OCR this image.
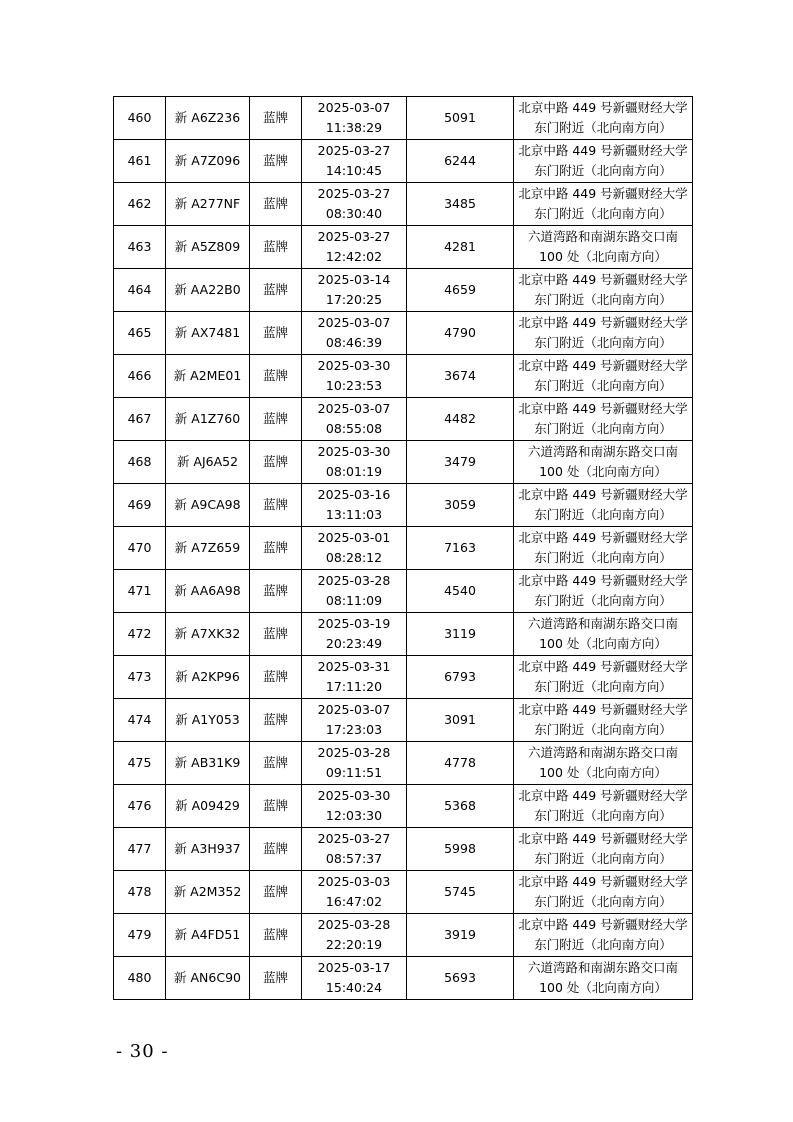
460	新 A6Z236	蓝牌	2025-03-07
11:38:29	5091	北京中路 449 号新疆财经大学
东门附近（北向南方向）

461	新 A7Z096	蓝牌	2025-03-27
14:10:45	6244	北京中路 449 号新疆财经大学
东门附近（北向南方向）

462	新 A277NF	蓝牌	2025-03-27
08:30:40	3485	北京中路 449 号新疆财经大学
东门附近（北向南方向）

463	新 A5Z809	蓝牌	2025-03-27
12:42:02	4281	六道湾路和南湖东路交口南
100 处（北向南方向）

464	新 AA22B0	蓝牌	2025-03-14
17:20:25	4659	北京中路 449 号新疆财经大学
东门附近（北向南方向）

465	新 AX7481	蓝牌	2025-03-07
08:46:39	4790	北京中路 449 号新疆财经大学
东门附近（北向南方向）

466	新 A2ME01	蓝牌	2025-03-30
10:23:53	3674	北京中路 449 号新疆财经大学
东门附近（北向南方向）

467	新 A1Z760	蓝牌	2025-03-07
08:55:08	4482	北京中路 449 号新疆财经大学
东门附近（北向南方向）

468	新 AJ6A52	蓝牌	2025-03-30
08:01:19	3479	六道湾路和南湖东路交口南
100 处（北向南方向）

469	新 A9CA98	蓝牌	2025-03-16
13:11:03	3059	北京中路 449 号新疆财经大学
东门附近（北向南方向）

470	新 A7Z659	蓝牌	2025-03-01
08:28:12	7163	北京中路 449 号新疆财经大学
东门附近（北向南方向）

471	新 AA6A98	蓝牌	2025-03-28
08:11:09	4540	北京中路 449 号新疆财经大学
东门附近（北向南方向）

472	新 A7XK32	蓝牌	2025-03-19
20:23:49	3119	六道湾路和南湖东路交口南
100 处（北向南方向）

473	新 A2KP96	蓝牌	2025-03-31
17:11:20	6793	北京中路 449 号新疆财经大学
东门附近（北向南方向）

474	新 A1Y053	蓝牌	2025-03-07
17:23:03	3091	北京中路 449 号新疆财经大学
东门附近（北向南方向）

475	新 AB31K9	蓝牌	2025-03-28
09:11:51	4778	六道湾路和南湖东路交口南
100 处（北向南方向）

476	新 A09429	蓝牌	2025-03-30
12:03:30	5368	北京中路 449 号新疆财经大学
东门附近（北向南方向）

477	新 A3H937	蓝牌	2025-03-27
08:57:37	5998	北京中路 449 号新疆财经大学
东门附近（北向南方向）

478	新 A2M352	蓝牌	2025-03-03
16:47:02	5745	北京中路 449 号新疆财经大学
东门附近（北向南方向）

479	新 A4FD51	蓝牌	2025-03-28
22:20:19	3919	北京中路 449 号新疆财经大学
东门附近（北向南方向）

480	新 AN6C90	蓝牌	2025-03-17
15:40:24	5693	六道湾路和南湖东路交口南
100 处（北向南方向）
- 30 -
